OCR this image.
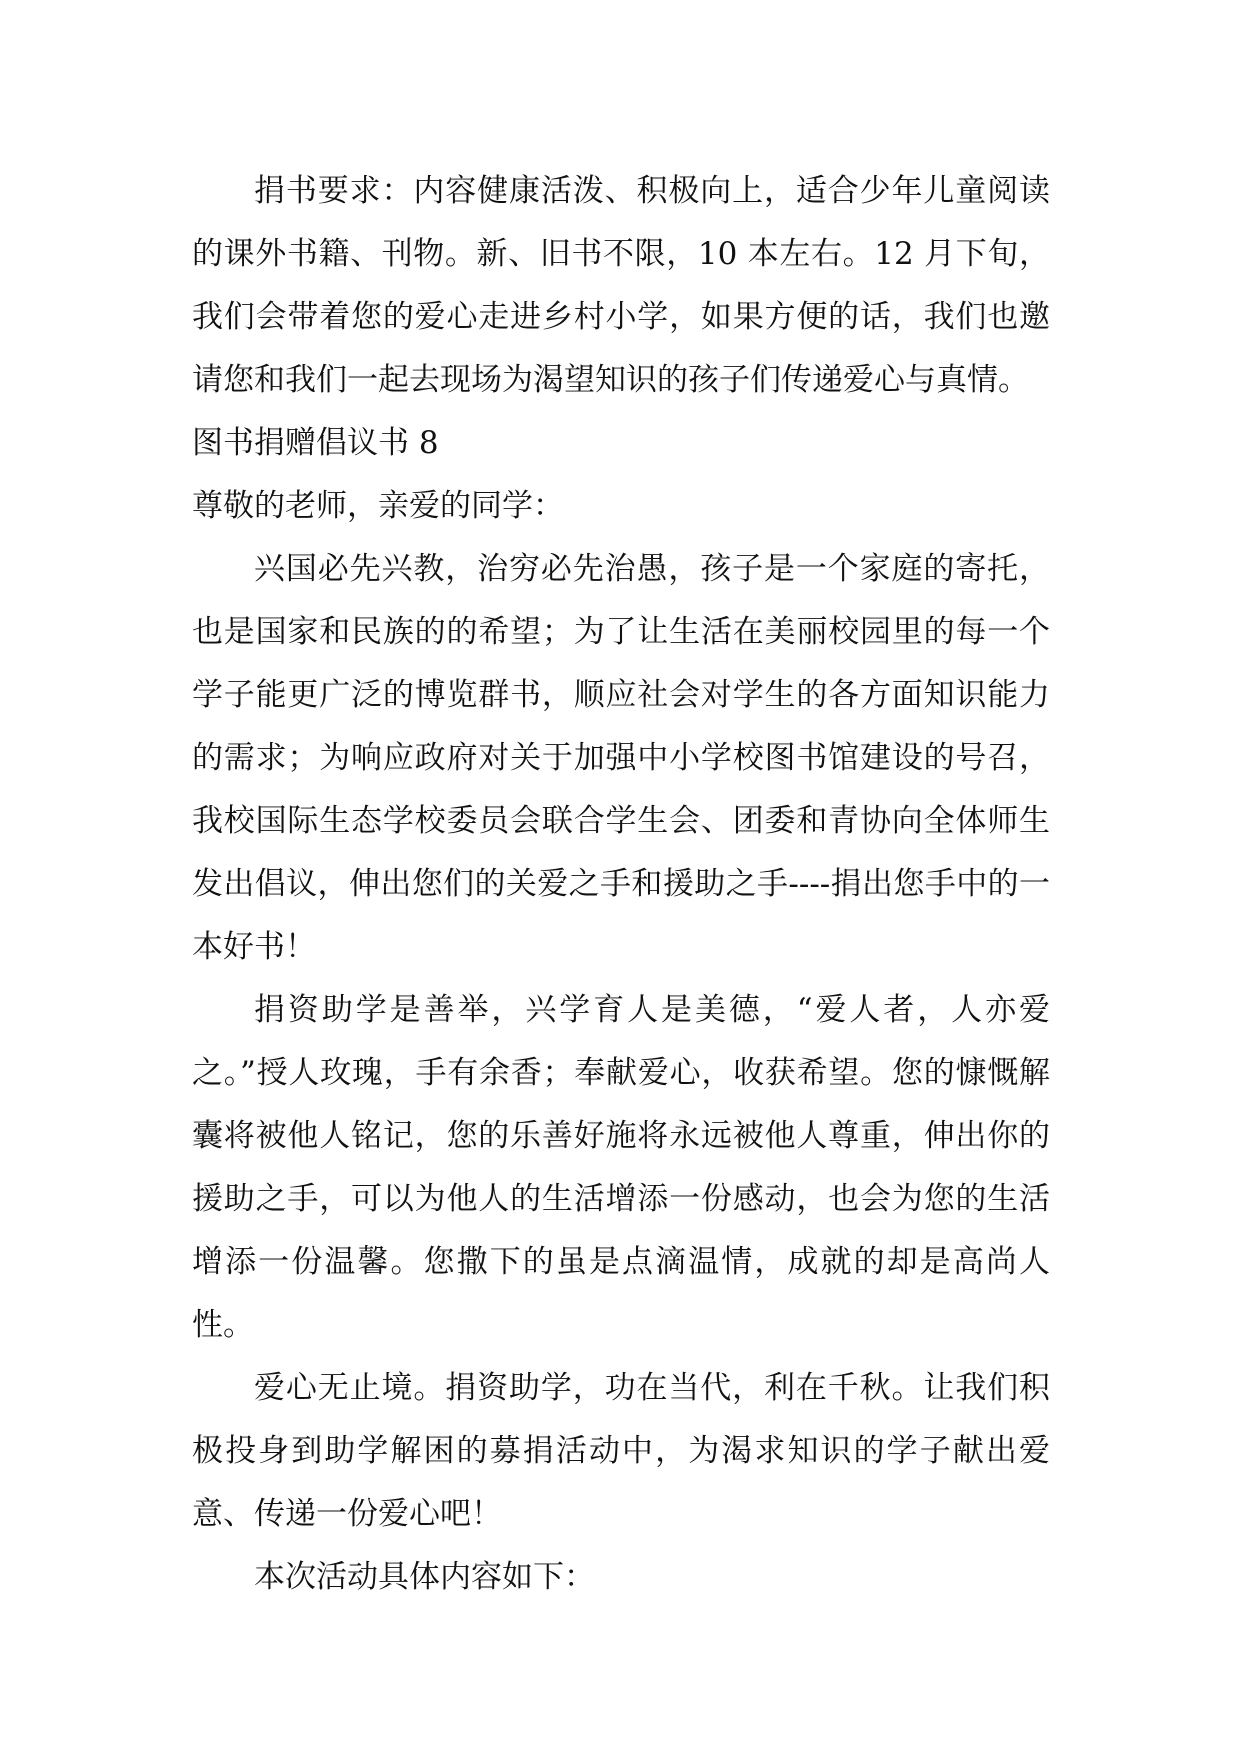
捐书要求：内容健康活泼、积极向上，适合少年儿童阅读的课外书籍、刊物。新、旧书不限，10 本左右。12 月下旬，我们会带着您的爱心走进乡村小学，如果方便的话，我们也邀请您和我们一起去现场为渴望知识的孩子们传递爱心与真情。

图书捐赠倡议书 8

尊敬的老师，亲爱的同学：

兴国必先兴教，治穷必先治愚，孩子是一个家庭的寄托，也是国家和民族的的希望；为了让生活在美丽校园里的每一个学子能更广泛的博览群书，顺应社会对学生的各方面知识能力的需求；为响应政府对关于加强中小学校图书馆建设的号召，我校国际生态学校委员会联合学生会、团委和青协向全体师生发出倡议，伸出您们的关爱之手和援助之手----捐出您手中的一本好书！

捐资助学是善举，兴学育人是美德，“爱人者，人亦爱之。”授人玫瑰，手有余香；奉献爱心，收获希望。您的慷慨解囊将被他人铭记，您的乐善好施将永远被他人尊重，伸出你的援助之手，可以为他人的生活增添一份感动，也会为您的生活增添一份温馨。您撒下的虽是点滴温情，成就的却是高尚人性。

爱心无止境。捐资助学，功在当代，利在千秋。让我们积极投身到助学解困的募捐活动中，为渴求知识的学子献出爱意、传递一份爱心吧！

本次活动具体内容如下：
